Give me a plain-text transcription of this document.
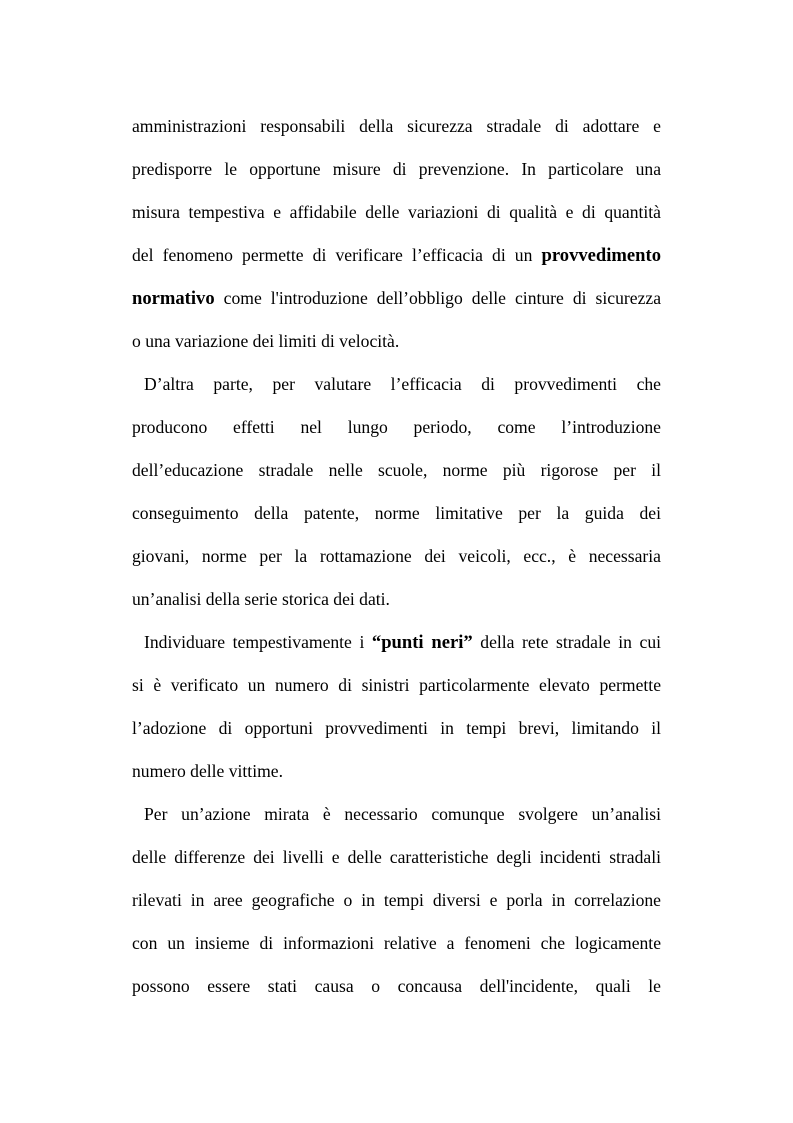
amministrazioni responsabili della sicurezza stradale di adottare e
predisporre le opportune misure di prevenzione. In particolare una
misura tempestiva e affidabile delle variazioni di qualità e di quantità
del fenomeno permette di verificare l’efficacia di un provvedimento
normativo come l'introduzione dell’obbligo delle cinture di sicurezza
o una variazione dei limiti di velocità.
D’altra parte, per valutare l’efficacia di provvedimenti che
producono effetti nel lungo periodo, come l’introduzione
dell’educazione stradale nelle scuole, norme più rigorose per il
conseguimento della patente, norme limitative per la guida dei
giovani, norme per la rottamazione dei veicoli, ecc., è necessaria
un’analisi della serie storica dei dati.
Individuare tempestivamente i “punti neri” della rete stradale in cui
si è verificato un numero di sinistri particolarmente elevato permette
l’adozione di opportuni provvedimenti in tempi brevi, limitando il
numero delle vittime.
Per un’azione mirata è necessario comunque svolgere un’analisi
delle differenze dei livelli e delle caratteristiche degli incidenti stradali
rilevati in aree geografiche o in tempi diversi e porla in correlazione
con un insieme di informazioni relative a fenomeni che logicamente
possono essere stati causa o concausa dell'incidente, quali le
